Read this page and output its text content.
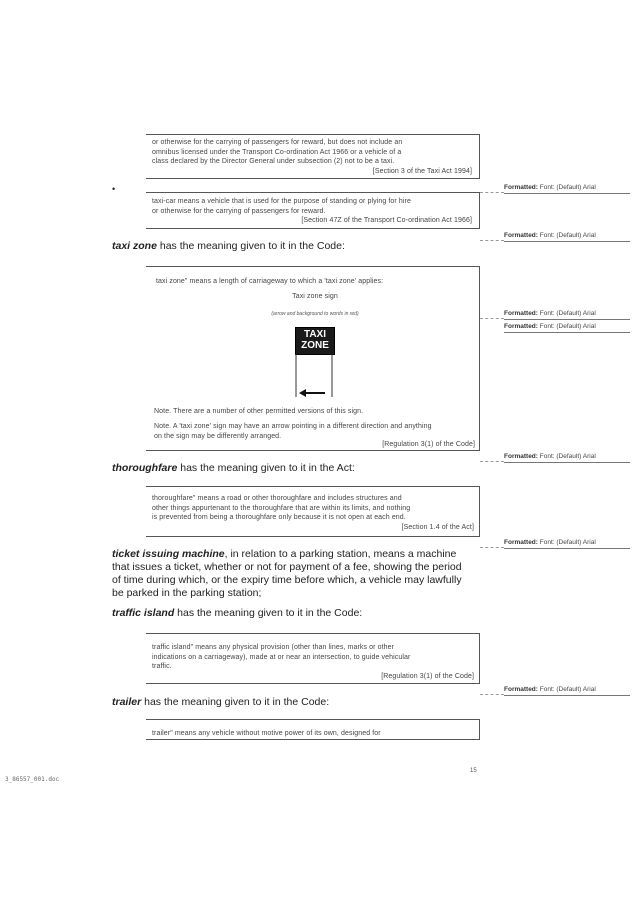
or otherwise for the carrying of passengers for reward, but does not include an
omnibus licensed under the Transport Co-ordination Act 1966 or a vehicle of a
class declared by the Director General under subsection (2) not to be a taxi.
[Section 3 of the Taxi Act 1994]
•
taxi-car means a vehicle that is used for the purpose of standing or plying for hire
or otherwise for the carrying of passengers for reward.
[Section 47Z of the Transport Co-ordination Act 1966]
taxi zone has the meaning given to it in the Code:
taxi zone" means a length of carriageway to which a 'taxi zone' applies:
Taxi zone sign
(arrow and background to words in red)
TAXI
ZONE
Note. There are a number of other permitted versions of this sign.
Note. A 'taxi zone' sign may have an arrow pointing in a different direction and anything
on the sign may be differently arranged.
[Regulation 3(1) of the Code]
thoroughfare has the meaning given to it in the Act:
thoroughfare" means a road or other thoroughfare and includes structures and
other things appurtenant to the thoroughfare that are within its limits, and nothing
is prevented from being a thoroughfare only because it is not open at each end.
[Section 1.4 of the Act]
ticket issuing machine, in relation to a parking station, means a machine
that issues a ticket, whether or not for payment of a fee, showing the period
of time during which, or the expiry time before which, a vehicle may lawfully
be parked in the parking station;
traffic island has the meaning given to it in the Code:
traffic island" means any physical provision (other than lines, marks or other
indications on a carriageway), made at or near an intersection, to guide vehicular
traffic.
[Regulation 3(1) of the Code]
trailer has the meaning given to it in the Code:
trailer" means any vehicle without motive power of its own, designed for
Formatted: Font: (Default) Arial
Formatted: Font: (Default) Arial
Formatted: Font: (Default) Arial
Formatted: Font: (Default) Arial
Formatted: Font: (Default) Arial
Formatted: Font: (Default) Arial
Formatted: Font: (Default) Arial
15
3_86557_001.doc
